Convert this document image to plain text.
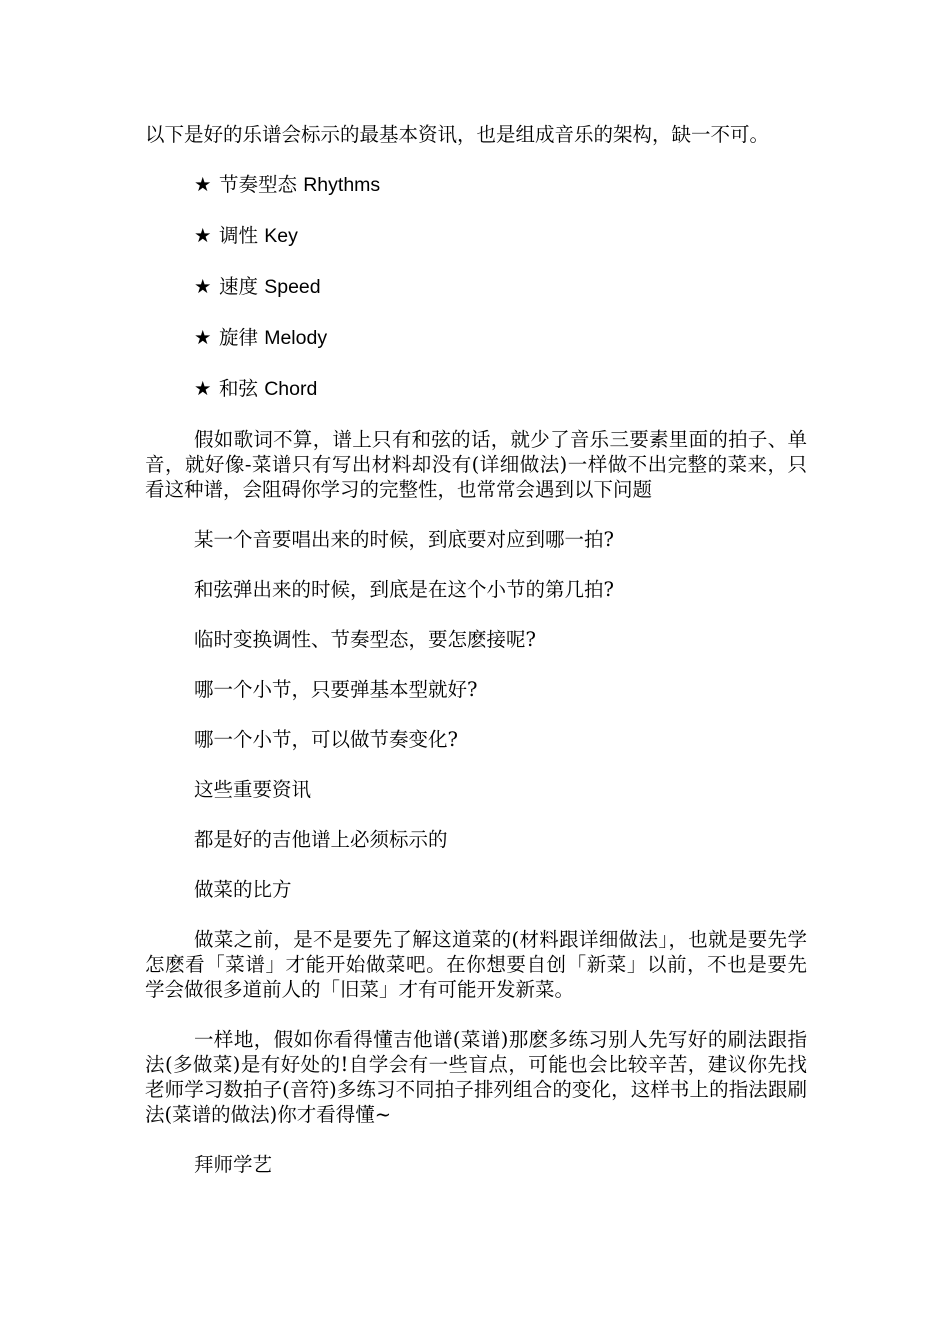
以下是好的乐谱会标示的最基本资讯，也是组成音乐的架构，缺一不可。

★ 节奏型态 Rhythms
★ 调性 Key
★ 速度 Speed
★ 旋律 Melody
★ 和弦 Chord

假如歌词不算，谱上只有和弦的话，就少了音乐三要素里面的拍子、单音，就好像-菜谱只有写出材料却没有(详细做法)一样做不出完整的菜来，只看这种谱，会阻碍你学习的完整性，也常常会遇到以下问题

某一个音要唱出来的时候，到底要对应到哪一拍?

和弦弹出来的时候，到底是在这个小节的第几拍?

临时变换调性、节奏型态，要怎麽接呢?

哪一个小节，只要弹基本型就好?

哪一个小节，可以做节奏变化?

这些重要资讯

都是好的吉他谱上必须标示的

做菜的比方

做菜之前，是不是要先了解这道菜的(材料跟详细做法」，也就是要先学怎麽看「菜谱」才能开始做菜吧。在你想要自创「新菜」以前，不也是要先学会做很多道前人的「旧菜」才有可能开发新菜。

一样地，假如你看得懂吉他谱(菜谱)那麽多练习别人先写好的刷法跟指法(多做菜)是有好处的!自学会有一些盲点，可能也会比较辛苦，建议你先找老师学习数拍子(音符)多练习不同拍子排列组合的变化，这样书上的指法跟刷法(菜谱的做法)你才看得懂~

拜师学艺
